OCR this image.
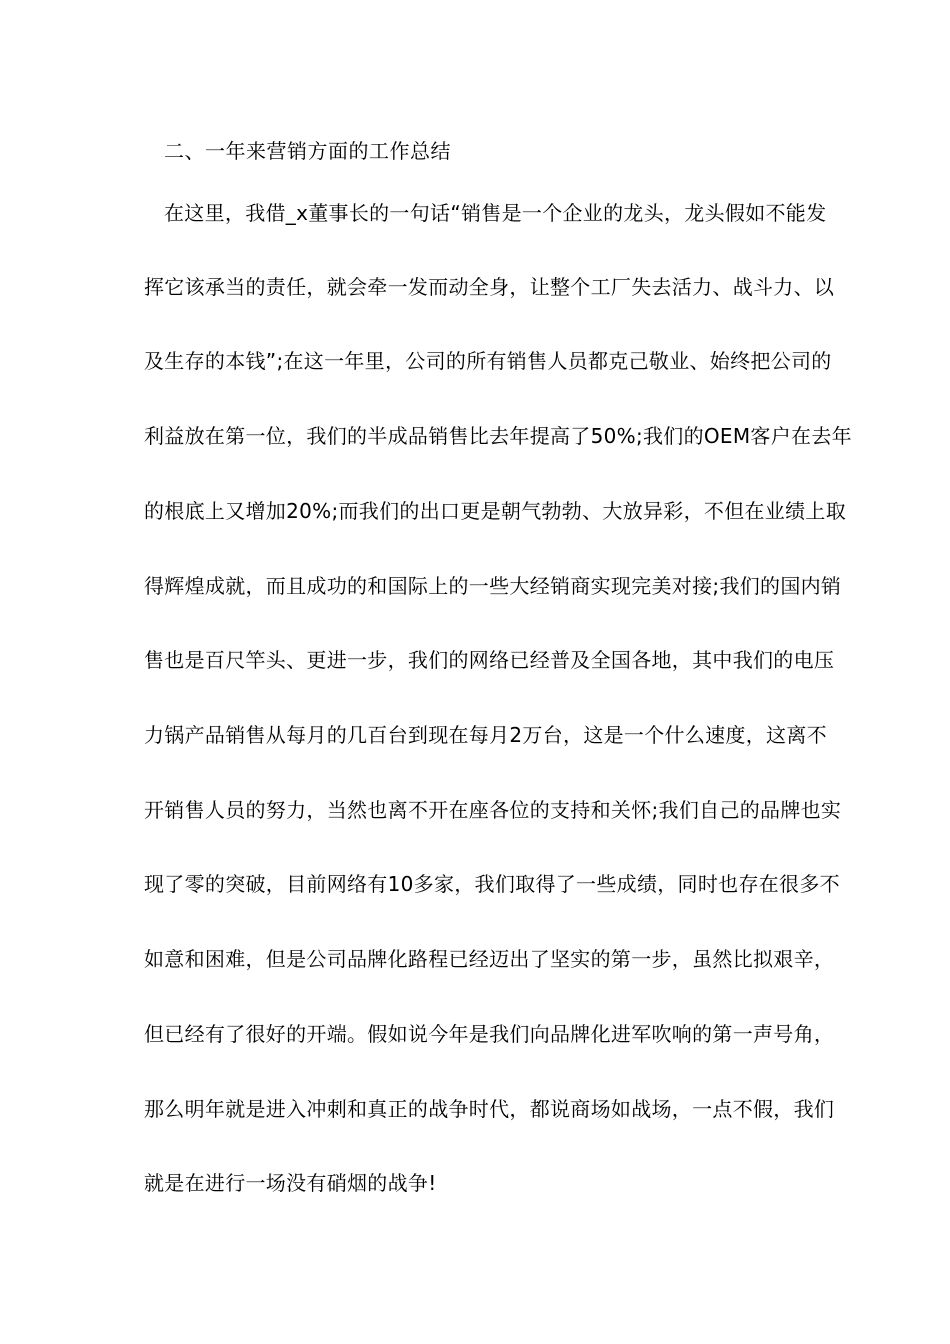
二、一年来营销方面的工作总结
在这里，我借_x董事长的一句话“销售是一个企业的龙头，龙头假如不能发
挥它该承当的责任，就会牵一发而动全身，让整个工厂失去活力、战斗力、以
及生存的本钱”;在这一年里，公司的所有销售人员都克己敬业、始终把公司的
利益放在第一位，我们的半成品销售比去年提高了50%;我们的OEM客户在去年
的根底上又增加20%;而我们的出口更是朝气勃勃、大放异彩，不但在业绩上取
得辉煌成就，而且成功的和国际上的一些大经销商实现完美对接;我们的国内销
售也是百尺竿头、更进一步，我们的网络已经普及全国各地，其中我们的电压
力锅产品销售从每月的几百台到现在每月2万台，这是一个什么速度，这离不
开销售人员的努力，当然也离不开在座各位的支持和关怀;我们自己的品牌也实
现了零的突破，目前网络有10多家，我们取得了一些成绩，同时也存在很多不
如意和困难，但是公司品牌化路程已经迈出了坚实的第一步，虽然比拟艰辛，
但已经有了很好的开端。假如说今年是我们向品牌化进军吹响的第一声号角，
那么明年就是进入冲刺和真正的战争时代，都说商场如战场，一点不假，我们
就是在进行一场没有硝烟的战争!
